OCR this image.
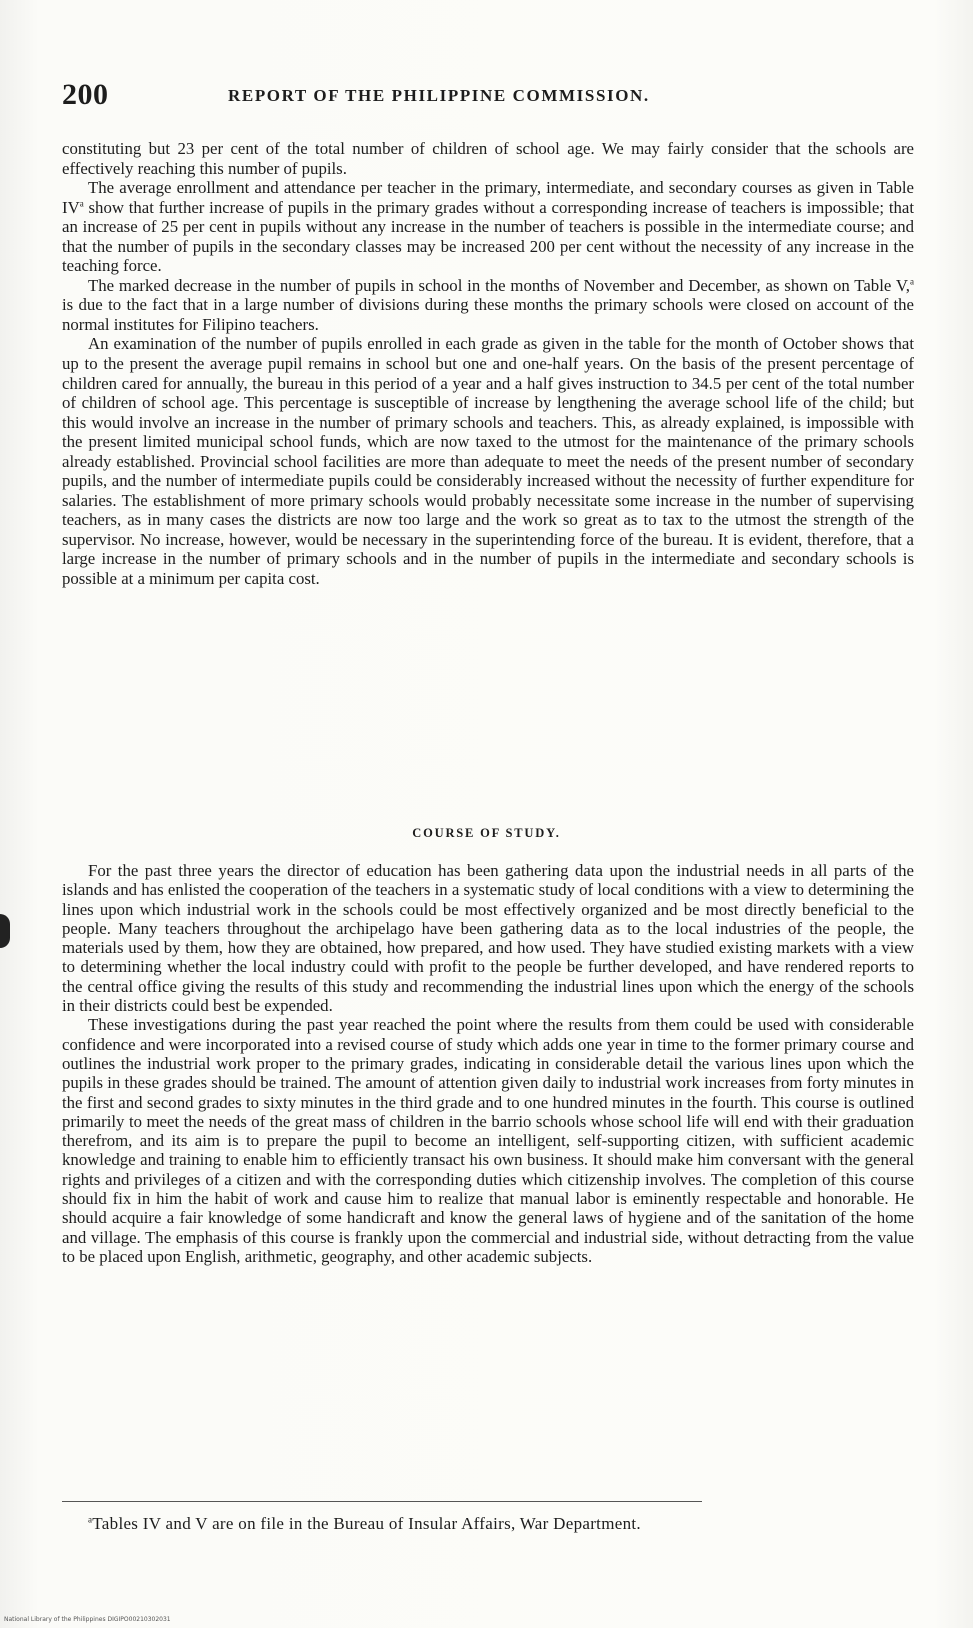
200	REPORT OF THE PHILIPPINE COMMISSION.

constituting but 23 per cent of the total number of children of school age. We may fairly consider that the schools are effectively reaching this number of pupils.

The average enrollment and attendance per teacher in the primary, intermediate, and secondary courses as given in Table $IV^a$ show that further increase of pupils in the primary grades without a corresponding increase of teachers is impossible; that an increase of 25 per cent in pupils without any increase in the number of teachers is possible in the intermediate course; and that the number of pupils in the secondary classes may be increased 200 per cent without the necessity of any increase in the teaching force.

The marked decrease in the number of pupils in school in the months of November and December, as shown on Table V,$^a$ is due to the fact that in a large number of divisions during these months the primary schools were closed on account of the normal institutes for Filipino teachers.

An examination of the number of pupils enrolled in each grade as given in the table for the month of October shows that up to the present the average pupil remains in school but one and one-half years. On the basis of the present percentage of children cared for annually, the bureau in this period of a year and a half gives instruction to 34.5 per cent of the total number of children of school age. This percentage is susceptible of increase by lengthening the average school life of the child; but this would involve an increase in the number of primary schools and teachers. This, as already explained, is impossible with the present limited municipal school funds, which are now taxed to the utmost for the maintenance of the primary schools already established. Provincial school facilities are more than adequate to meet the needs of the present number of secondary pupils, and the number of intermediate pupils could be considerably increased without the necessity of further expenditure for salaries. The establishment of more primary schools would probably necessitate some increase in the number of supervising teachers, as in many cases the districts are now too large and the work so great as to tax to the utmost the strength of the supervisor. No increase, however, would be necessary in the superintending force of the bureau. It is evident, therefore, that a large increase in the number of primary schools and in the number of pupils in the intermediate and secondary schools is possible at a minimum per capita cost.

COURSE OF STUDY.

For the past three years the director of education has been gathering data upon the industrial needs in all parts of the islands and has enlisted the cooperation of the teachers in a systematic study of local conditions with a view to determining the lines upon which industrial work in the schools could be most effectively organized and be most directly beneficial to the people. Many teachers throughout the archipelago have been gathering data as to the local industries of the people, the materials used by them, how they are obtained, how prepared, and how used. They have studied existing markets with a view to determining whether the local industry could with profit to the people be further developed, and have rendered reports to the central office giving the results of this study and recommending the industrial lines upon which the energy of the schools in their districts could best be expended.

These investigations during the past year reached the point where the results from them could be used with considerable confidence and were incorporated into a revised course of study which adds one year in time to the former primary course and outlines the industrial work proper to the primary grades, indicating in considerable detail the various lines upon which the pupils in these grades should be trained. The amount of attention given daily to industrial work increases from forty minutes in the first and second grades to sixty minutes in the third grade and to one hundred minutes in the fourth. This course is outlined primarily to meet the needs of the great mass of children in the barrio schools whose school life will end with their graduation therefrom, and its aim is to prepare the pupil to become an intelligent, self-supporting citizen, with sufficient academic knowledge and training to enable him to efficiently transact his own business. It should make him conversant with the general rights and privileges of a citizen and with the corresponding duties which citizenship involves. The completion of this course should fix in him the habit of work and cause him to realize that manual labor is eminently respectable and honorable. He should acquire a fair knowledge of some handicraft and know the general laws of hygiene and of the sanitation of the home and village. The emphasis of this course is frankly upon the commercial and industrial side, without detracting from the value to be placed upon English, arithmetic, geography, and other academic subjects.

$^a$Tables IV and V are on file in the Bureau of Insular Affairs, War Department.
National Library of the Philippines DIGIPO00210302031
